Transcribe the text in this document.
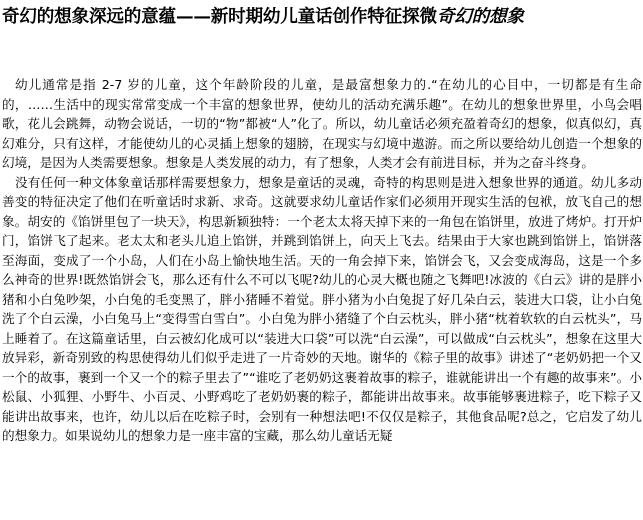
奇幻的想象深远的意蕴——新时期幼儿童话创作特征探微奇幻的想象

幼儿通常是指 2-7 岁的儿童，这个年龄阶段的儿童，是最富想象力的.“在幼儿的心目中，一切都是有生命的，……生活中的现实常常变成一个丰富的想象世界，使幼儿的活动充满乐趣”。在幼儿的想象世界里，小鸟会唱歌，花儿会跳舞，动物会说话，一切的“物”都被“人”化了。所以，幼儿童话必须充盈着奇幻的想象，似真似幻，真幻难分，只有这样，才能使幼儿的心灵插上想象的翅膀，在现实与幻境中遨游。而之所以要给幼儿创造一个想象的幻境，是因为人类需要想象。想象是人类发展的动力，有了想象，人类才会有前进目标，并为之奋斗终身。

没有任何一种文体象童话那样需要想象力，想象是童话的灵魂，奇特的构思则是进入想象世界的通道。幼儿多动善变的特征决定了他们在听童话时求新、求奇。这就要求幼儿童话作家们必须用开现实生活的包袱，放飞自己的想象。胡安的《馅饼里包了一块天》，构思新颖独特：一个老太太将天掉下来的一角包在馅饼里，放进了烤炉。打开炉门，馅饼飞了起来。老太太和老头儿追上馅饼，并跳到馅饼上，向天上飞去。结果由于大家也跳到馅饼上，馅饼落至海面，变成了一个小岛，人们在小岛上愉快地生活。天的一角会掉下来，馅饼会飞，又会变成海岛，这是一个多么神奇的世界!既然馅饼会飞，那么还有什么不可以飞呢?幼儿的心灵大概也随之飞舞吧!冰波的《白云》讲的是胖小猪和小白兔吵架，小白兔的毛变黑了，胖小猪睡不着觉。胖小猪为小白兔捉了好几朵白云，装进大口袋，让小白兔洗了个白云澡，小白兔马上“变得雪白雪白”。小白兔为胖小猪缝了个白云枕头，胖小猪“枕着软软的白云枕头”，马上睡着了。在这篇童话里，白云被幻化成可以“装进大口袋”可以洗“白云澡”，可以做成“白云枕头”，想象在这里大放异彩，新奇别致的构思使得幼儿们似乎走进了一片奇妙的天地。谢华的《粽子里的故事》讲述了“老奶奶把一个又一个的故事，裹到一个又一个的粽子里去了”“谁吃了老奶奶这裹着故事的粽子，谁就能讲出一个有趣的故事来”。小松鼠、小狐狸、小野牛、小百灵、小野鸡吃了老奶奶裹的粽子，都能讲出故事来。故事能够裹进粽子，吃下粽子又能讲出故事来，也许，幼儿以后在吃粽子时，会别有一种想法吧!不仅仅是粽子，其他食品呢?总之，它启发了幼儿的想象力。如果说幼儿的想象力是一座丰富的宝藏，那么幼儿童话无疑
